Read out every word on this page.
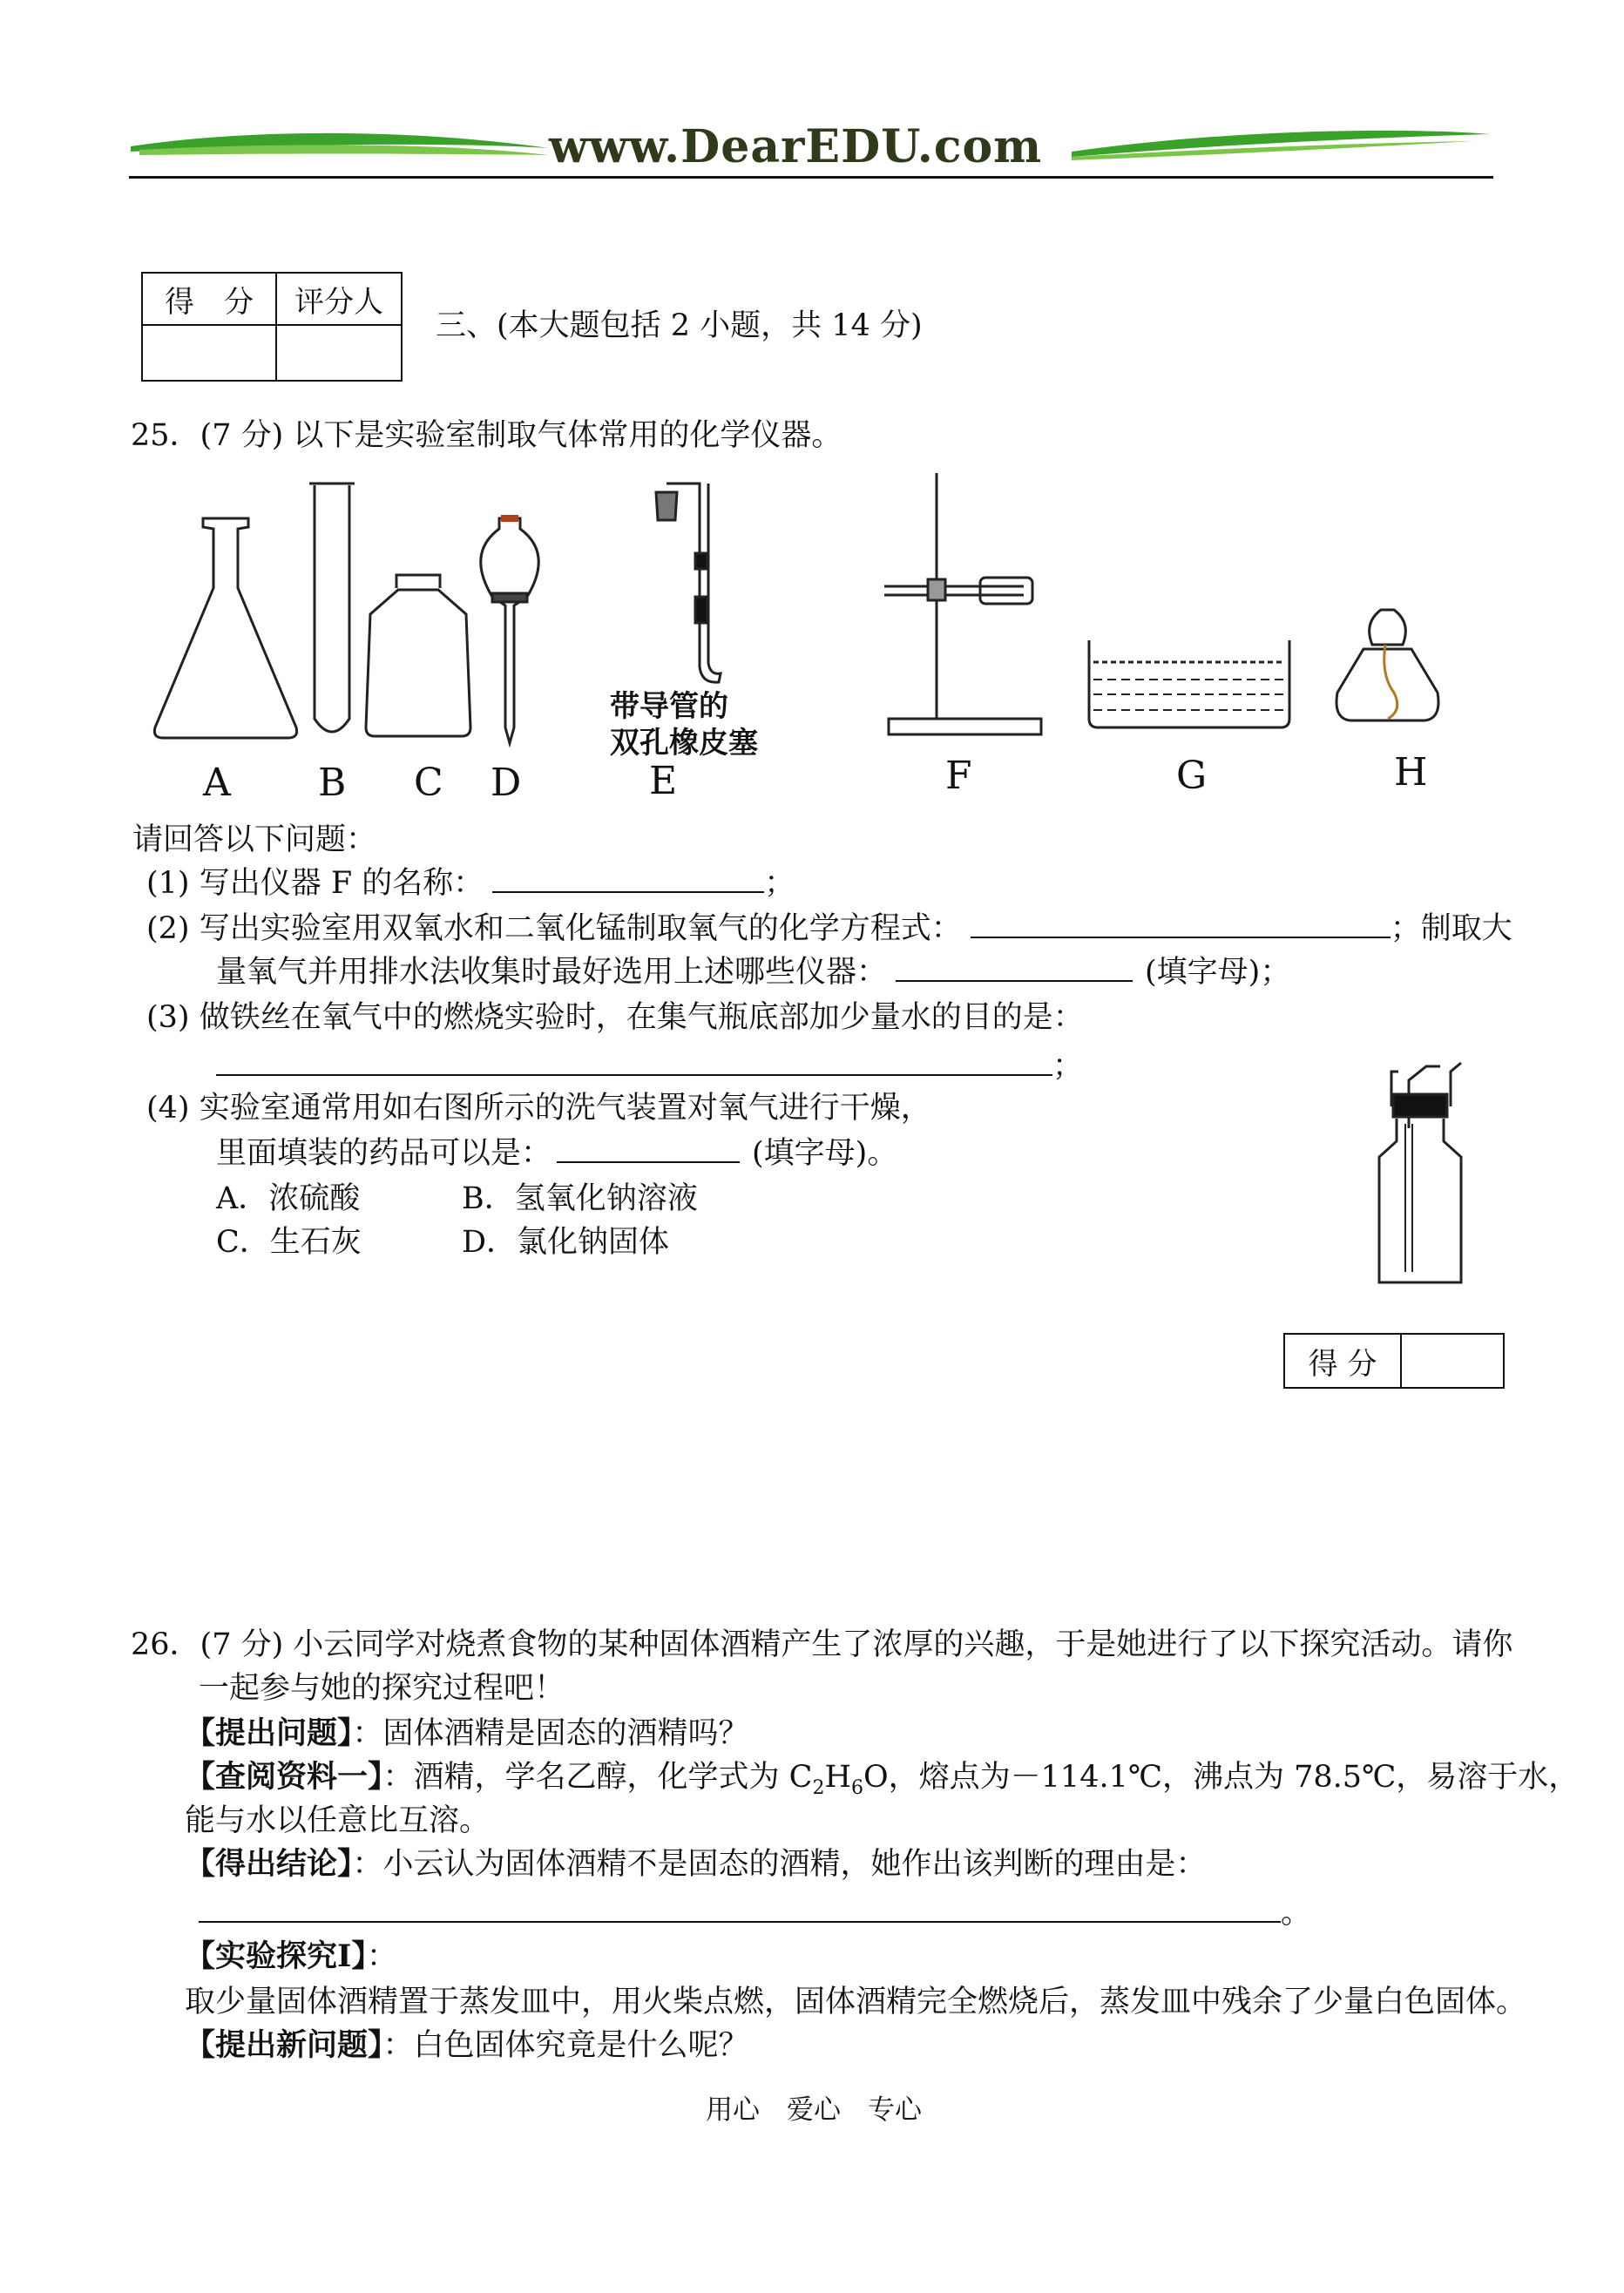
www.DearEDU.com
得　分	评分人

三、(本大题包括 2 小题，共 14 分)
25．(7 分) 以下是实验室制取气体常用的化学仪器。
A B C D	E	F	G	H
带导管的
双孔橡皮塞
请回答以下问题：
(1) 写出仪器 F 的名称：	；
(2) 写出实验室用双氧水和二氧化锰制取氧气的化学方程式：	；制取大
量氧气并用排水法收集时最好选用上述哪些仪器：	(填字母)；
(3) 做铁丝在氧气中的燃烧实验时，在集气瓶底部加少量水的目的是：
；
(4) 实验室通常用如右图所示的洗气装置对氧气进行干燥，
里面填装的药品可以是：	(填字母)。
A．浓硫酸	B．氢氧化钠溶液
C．生石灰	D．氯化钠固体
得 分	
26．(7 分) 小云同学对烧煮食物的某种固体酒精产生了浓厚的兴趣，于是她进行了以下探究活动。请你
一起参与她的探究过程吧！
【提出问题】：固体酒精是固态的酒精吗？
【查阅资料一】：酒精，学名乙醇，化学式为 $C_2H_6O$，熔点为－114.1℃，沸点为 78.5℃，易溶于水，
能与水以任意比互溶。
【得出结论】：小云认为固体酒精不是固态的酒精，她作出该判断的理由是：
。
【实验探究Ⅰ】：
取少量固体酒精置于蒸发皿中，用火柴点燃，固体酒精完全燃烧后，蒸发皿中残余了少量白色固体。
【提出新问题】：白色固体究竟是什么呢？
用心　爱心　专心
